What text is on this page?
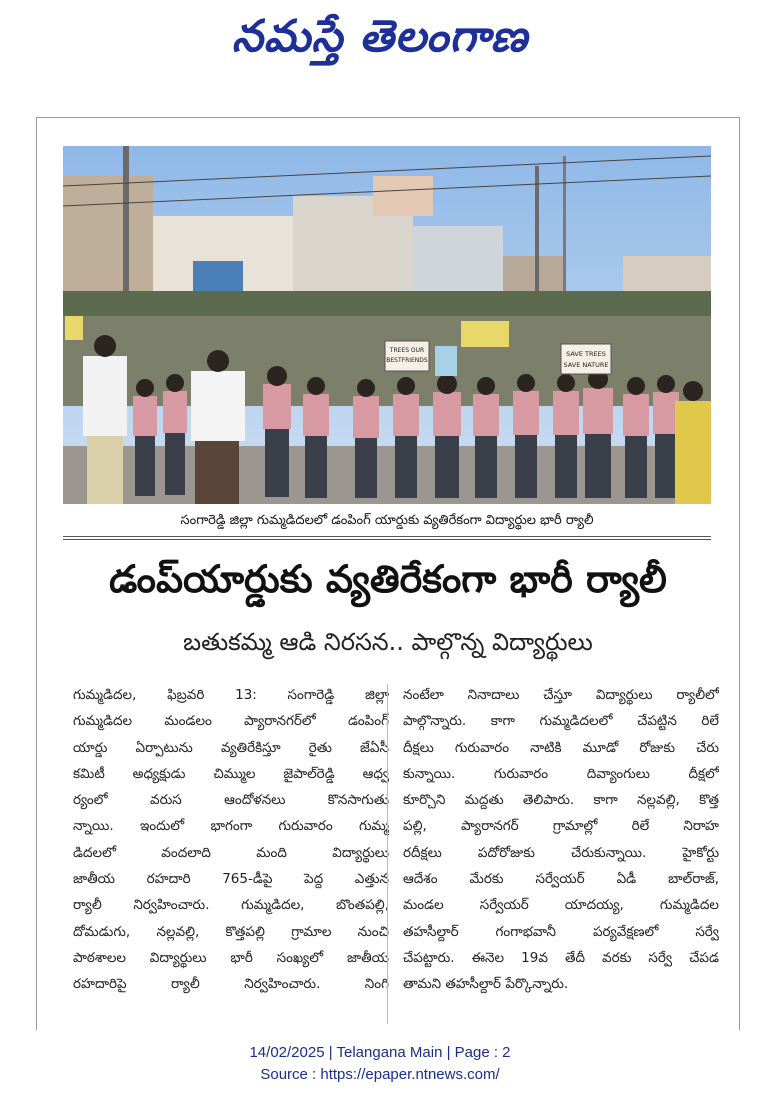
నమస్తే తెలంగాణ
TREES OUR
BESTFRIENDS
SAVE TREES
SAVE NATURE
సంగారెడ్డి జిల్లా గుమ్మడిదలలో డంపింగ్ యార్డుకు వ్యతిరేకంగా విద్యార్థుల భారీ ర్యాలీ
డంప్‌యార్డుకు వ్యతిరేకంగా భారీ ర్యాలీ
బతుకమ్మ ఆడి నిరసన.. పాల్గొన్న విద్యార్థులు
గుమ్మడిదల, ఫిబ్రవరి 13: సంగారెడ్డి జిల్లా
గుమ్మడిదల మండలం ప్యారానగర్‌లో డంపింగ్
యార్డు ఏర్పాటును వ్యతిరేకిస్తూ రైతు జేఏసీ
కమిటీ అధ్యక్షుడు చిమ్ముల జైపాల్‌రెడ్డి ఆధ్వ
ర్యంలో వరుస ఆందోళనలు కొనసాగుతు
న్నాయి. ఇందులో భాగంగా గురువారం గుమ్మ
డిదలలో వందలాది మంది విద్యార్థులు
జాతీయ రహదారి 765-డీపై పెద్ద ఎత్తున
ర్యాలీ నిర్వహించారు. గుమ్మడిదల, బొంతపల్లి,
దోమడుగు, నల్లవల్లి, కొత్తపల్లి గ్రామాల నుంచి
పాఠశాలల విద్యార్థులు భారీ సంఖ్యలో జాతీయ
రహదారిపై ర్యాలీ నిర్వహించారు. నింగి
నంటేలా నినాదాలు చేస్తూ విద్యార్థులు ర్యాలీలో
పాల్గొన్నారు. కాగా గుమ్మడిదలలో చేపట్టిన రిలే
దీక్షలు గురువారం నాటికి మూడో రోజుకు చేరు
కున్నాయి. గురువారం దివ్యాంగులు దీక్షలో
కూర్చొని మద్దతు తెలిపారు. కాగా నల్లవల్లి, కొత్త
పల్లి, ప్యారానగర్ గ్రామాల్లో రిలే నిరాహ
రదీక్షలు పదోరోజుకు చేరుకున్నాయి. హైకోర్టు
ఆదేశం మేరకు సర్వేయర్ ఏడీ బాల్‌రాజ్,
మండల సర్వేయర్ యాదయ్య, గుమ్మడిదల
తహసీల్దార్ గంగాభవానీ పర్యవేక్షణలో సర్వే
చేపట్టారు. ఈనెల 19వ తేదీ వరకు సర్వే చేపడ
తామని తహసీల్దార్ పేర్కొన్నారు.
14/02/2025 | Telangana Main | Page : 2
Source : https://epaper.ntnews.com/
